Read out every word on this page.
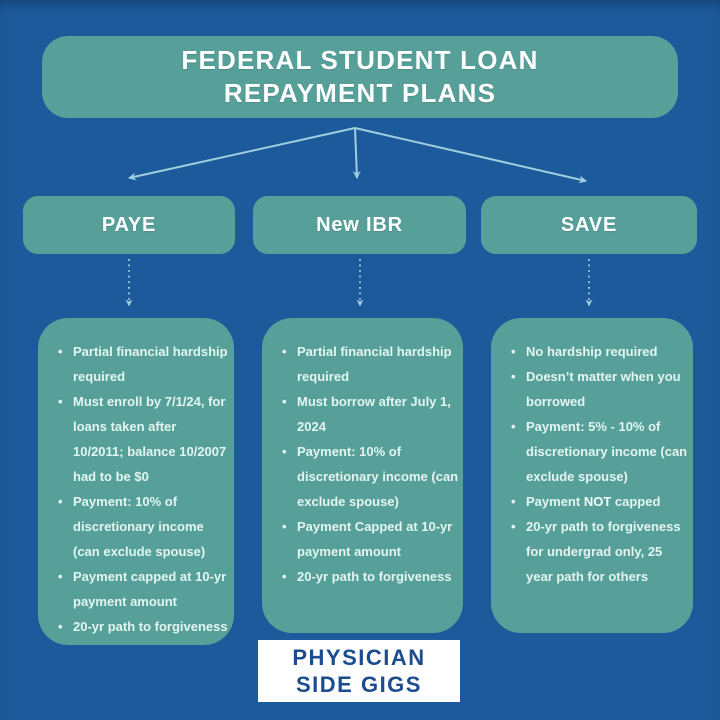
FEDERAL STUDENT LOAN
REPAYMENT PLANS
PAYE	New IBR	SAVE
• Partial financial hardship required
• Must enroll by 7/1/24, for loans taken after 10/2011; balance 10/2007 had to be $0
• Payment: 10% of discretionary income (can exclude spouse)
• Payment capped at 10-yr payment amount
• 20-yr path to forgiveness
• Partial financial hardship required
• Must borrow after July 1, 2024
• Payment: 10% of discretionary income (can exclude spouse)
• Payment Capped at 10-yr payment amount
• 20-yr path to forgiveness
• No hardship required
• Doesn’t matter when you borrowed
• Payment: 5% - 10% of discretionary income (can exclude spouse)
• Payment NOT capped
• 20-yr path to forgiveness for undergrad only, 25 year path for others
PHYSICIAN
SIDE GIGS
